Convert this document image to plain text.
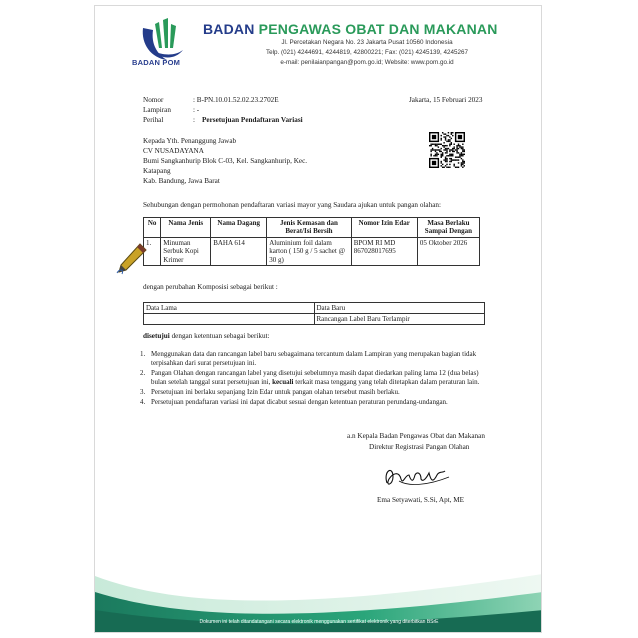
BADAN POM
BADAN PENGAWAS OBAT DAN MAKANAN
Jl. Percetakan Negara No. 23 Jakarta Pusat 10560 Indonesia
Telp. (021) 4244691, 4244819, 42800221; Fax: (021) 4245139, 4245267
e-mail: penilaianpangan@pom.go.id; Website: www.pom.go.id
Nomor	: B-PN.10.01.52.02.23.2702E
Lampiran	: -
Perihal	: Persetujuan Pendaftaran Variasi
Jakarta, 15 Februari 2023
Kepada Yth. Penanggung Jawab
CV NUSADAYANA
Bumi Sangkanhurip Blok C-03, Kel. Sangkanhurip, Kec.
Katapang
Kab. Bandung, Jawa Barat
Sehubungan dengan permohonan pendaftaran variasi mayor yang Saudara ajukan untuk pangan olahan:
No	Nama Jenis	Nama Dagang	Jenis Kemasan dan Berat/Isi Bersih	Nomor Izin Edar	Masa Berlaku Sampai Dengan
1.	Minuman Serbuk Kopi Krimer	BAHA 614	Aluminium foil dalam karton ( 150 g / 5 sachet @ 30 g)	BPOM RI MD 867028017695	05 Oktober 2026
dengan perubahan Komposisi sebagai berikut :
Data Lama	Data Baru
	Rancangan Label Baru Terlampir
disetujui dengan ketentuan sebagai berikut:
1. Menggunakan data dan rancangan label baru sebagaimana tercantum dalam Lampiran yang merupakan bagian tidak terpisahkan dari surat persetujuan ini.
2. Pangan Olahan dengan rancangan label yang disetujui sebelumnya masih dapat diedarkan paling lama 12 (dua belas) bulan setelah tanggal surat persetujuan ini, kecuali terkait masa tenggang yang telah ditetapkan dalam peraturan lain.
3. Persetujuan ini berlaku sepanjang Izin Edar untuk pangan olahan tersebut masih berlaku.
4. Persetujuan pendaftaran variasi ini dapat dicabut sesuai dengan ketentuan peraturan perundang-undangan.
a.n Kepala Badan Pengawas Obat dan Makanan
Direktur Registrasi Pangan Olahan
Ema Setyawati, S.Si, Apt, ME
Dokumen ini telah ditandatangani secara elektronik menggunakan sertifikat elektronik yang diterbitkan BSrE
